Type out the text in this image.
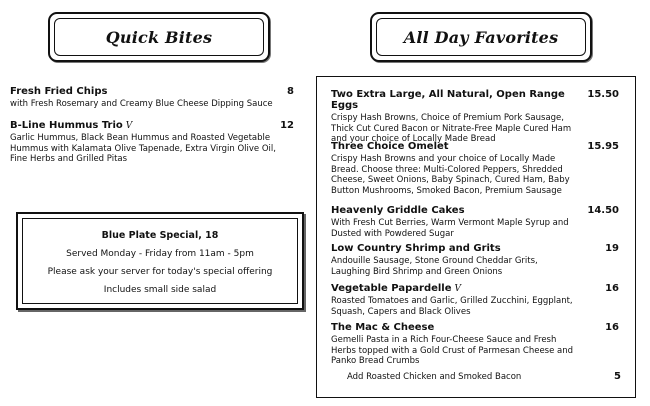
Quick Bites	All Day Favorites
Fresh Fried Chips	8
with Fresh Rosemary and Creamy Blue Cheese Dipping Sauce
B-Line Hummus Trio V	12
Garlic Hummus, Black Bean Hummus and Roasted Vegetable Hummus with Kalamata Olive Tapenade, Extra Virgin Olive Oil, Fine Herbs and Grilled Pitas
Blue Plate Special, 18
Served Monday - Friday from 11am - 5pm
Please ask your server for today's special offering
Includes small side salad
Two Extra Large, All Natural, Open Range Eggs
15.50
Crispy Hash Browns, Choice of Premium Pork Sausage, Thick Cut Cured Bacon or Nitrate-Free Maple Cured Ham and your choice of Locally Made Bread
Three Choice Omelet	15.95
Crispy Hash Browns and your choice of Locally Made Bread. Choose three: Multi-Colored Peppers, Shredded Cheese, Sweet Onions, Baby Spinach, Cured Ham, Baby Button Mushrooms, Smoked Bacon, Premium Sausage
Heavenly Griddle Cakes	14.50
With Fresh Cut Berries, Warm Vermont Maple Syrup and Dusted with Powdered Sugar
Low Country Shrimp and Grits	19
Andouille Sausage, Stone Ground Cheddar Grits, Laughing Bird Shrimp and Green Onions
Vegetable Papardelle V	16
Roasted Tomatoes and Garlic, Grilled Zucchini, Eggplant, Squash, Capers and Black Olives
The Mac & Cheese	16
Gemelli Pasta in a Rich Four-Cheese Sauce and Fresh Herbs topped with a Gold Crust of Parmesan Cheese and Panko Bread Crumbs
Add Roasted Chicken and Smoked Bacon	5
